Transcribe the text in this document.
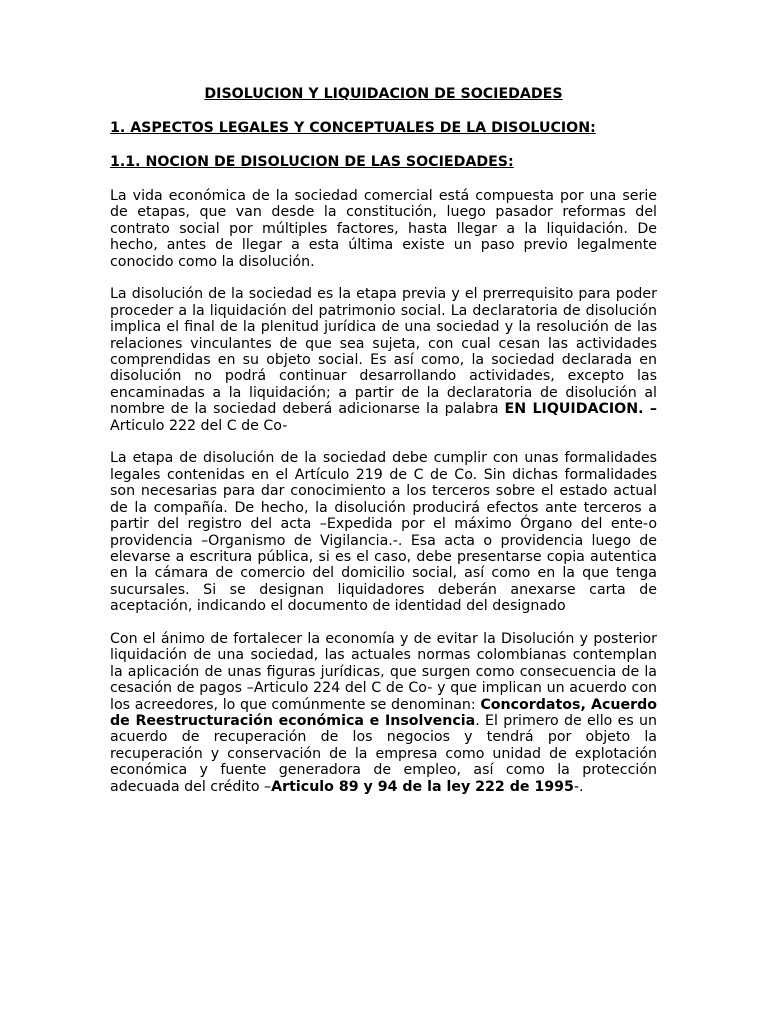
DISOLUCION Y LIQUIDACION DE SOCIEDADES
1. ASPECTOS LEGALES Y CONCEPTUALES DE LA DISOLUCION:
1.1. NOCION DE DISOLUCION DE LAS SOCIEDADES:

La vida económica de la sociedad comercial está compuesta por una serie de etapas, que van desde la constitución, luego pasador reformas del contrato social por múltiples factores, hasta llegar a la liquidación. De hecho, antes de llegar a esta última existe un paso previo legalmente conocido como la disolución.

La disolución de la sociedad es la etapa previa y el prerrequisito para poder proceder a la liquidación del patrimonio social. La declaratoria de disolución implica el final de la plenitud jurídica de una sociedad y la resolución de las relaciones vinculantes de que sea sujeta, con cual cesan las actividades comprendidas en su objeto social. Es así como, la sociedad declarada en disolución no podrá continuar desarrollando actividades, excepto las encaminadas a la liquidación; a partir de la declaratoria de disolución al nombre de la sociedad deberá adicionarse la palabra EN LIQUIDACION. –Articulo 222 del C de Co-

La etapa de disolución de la sociedad debe cumplir con unas formalidades legales contenidas en el Artículo 219 de C de Co. Sin dichas formalidades son necesarias para dar conocimiento a los terceros sobre el estado actual de la compañía. De hecho, la disolución producirá efectos ante terceros a partir del registro del acta –Expedida por el máximo Órgano del ente-o providencia –Organismo de Vigilancia.-. Esa acta o providencia luego de elevarse a escritura pública, si es el caso, debe presentarse copia autentica en la cámara de comercio del domicilio social, así como en la que tenga sucursales. Si se designan liquidadores deberán anexarse carta de aceptación, indicando el documento de identidad del designado

Con el ánimo de fortalecer la economía y de evitar la Disolución y posterior liquidación de una sociedad, las actuales normas colombianas contemplan la aplicación de unas figuras jurídicas, que surgen como consecuencia de la cesación de pagos –Articulo 224 del C de Co- y que implican un acuerdo con los acreedores, lo que comúnmente se denominan: Concordatos, Acuerdo de Reestructuración económica e Insolvencia. El primero de ello es un acuerdo de recuperación de los negocios y tendrá por objeto la recuperación y conservación de la empresa como unidad de explotación económica y fuente generadora de empleo, así como la protección adecuada del crédito –Articulo 89 y 94 de la ley 222 de 1995-.
